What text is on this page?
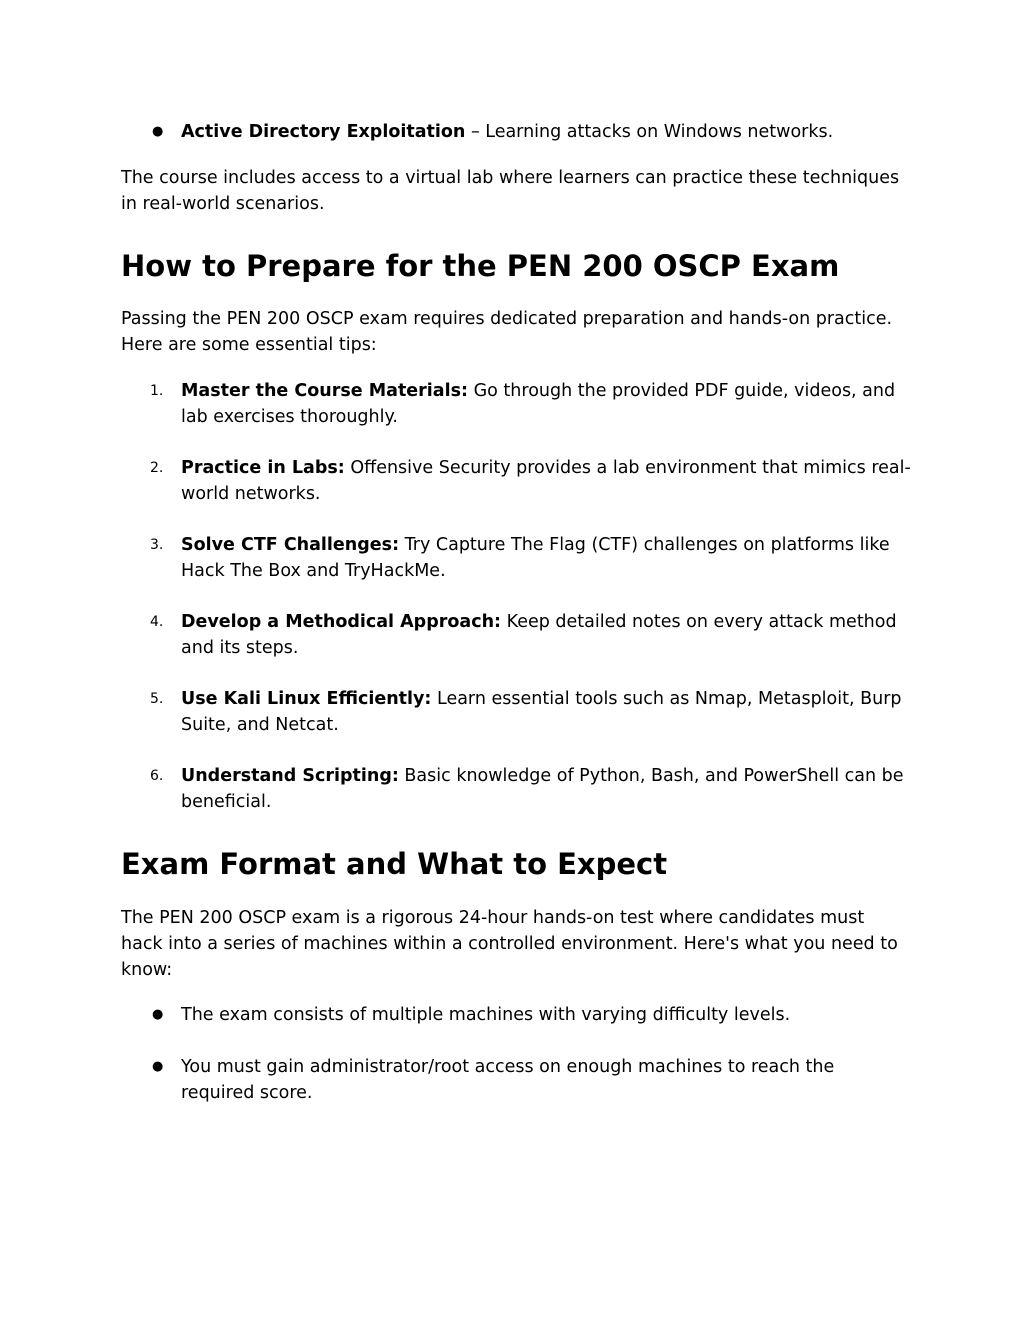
●	Active Directory Exploitation – Learning attacks on Windows networks.

The course includes access to a virtual lab where learners can practice these techniques in real-world scenarios.

How to Prepare for the PEN 200 OSCP Exam

Passing the PEN 200 OSCP exam requires dedicated preparation and hands-on practice. Here are some essential tips:

1.	Master the Course Materials: Go through the provided PDF guide, videos, and lab exercises thoroughly.
2.	Practice in Labs: Offensive Security provides a lab environment that mimics real-world networks.
3.	Solve CTF Challenges: Try Capture The Flag (CTF) challenges on platforms like Hack The Box and TryHackMe.
4.	Develop a Methodical Approach: Keep detailed notes on every attack method and its steps.
5.	Use Kali Linux Efficiently: Learn essential tools such as Nmap, Metasploit, Burp Suite, and Netcat.
6.	Understand Scripting: Basic knowledge of Python, Bash, and PowerShell can be beneficial.
Exam Format and What to Expect

The PEN 200 OSCP exam is a rigorous 24-hour hands-on test where candidates must hack into a series of machines within a controlled environment. Here's what you need to know:

●	The exam consists of multiple machines with varying difficulty levels.
●	You must gain administrator/root access on enough machines to reach the required score.
